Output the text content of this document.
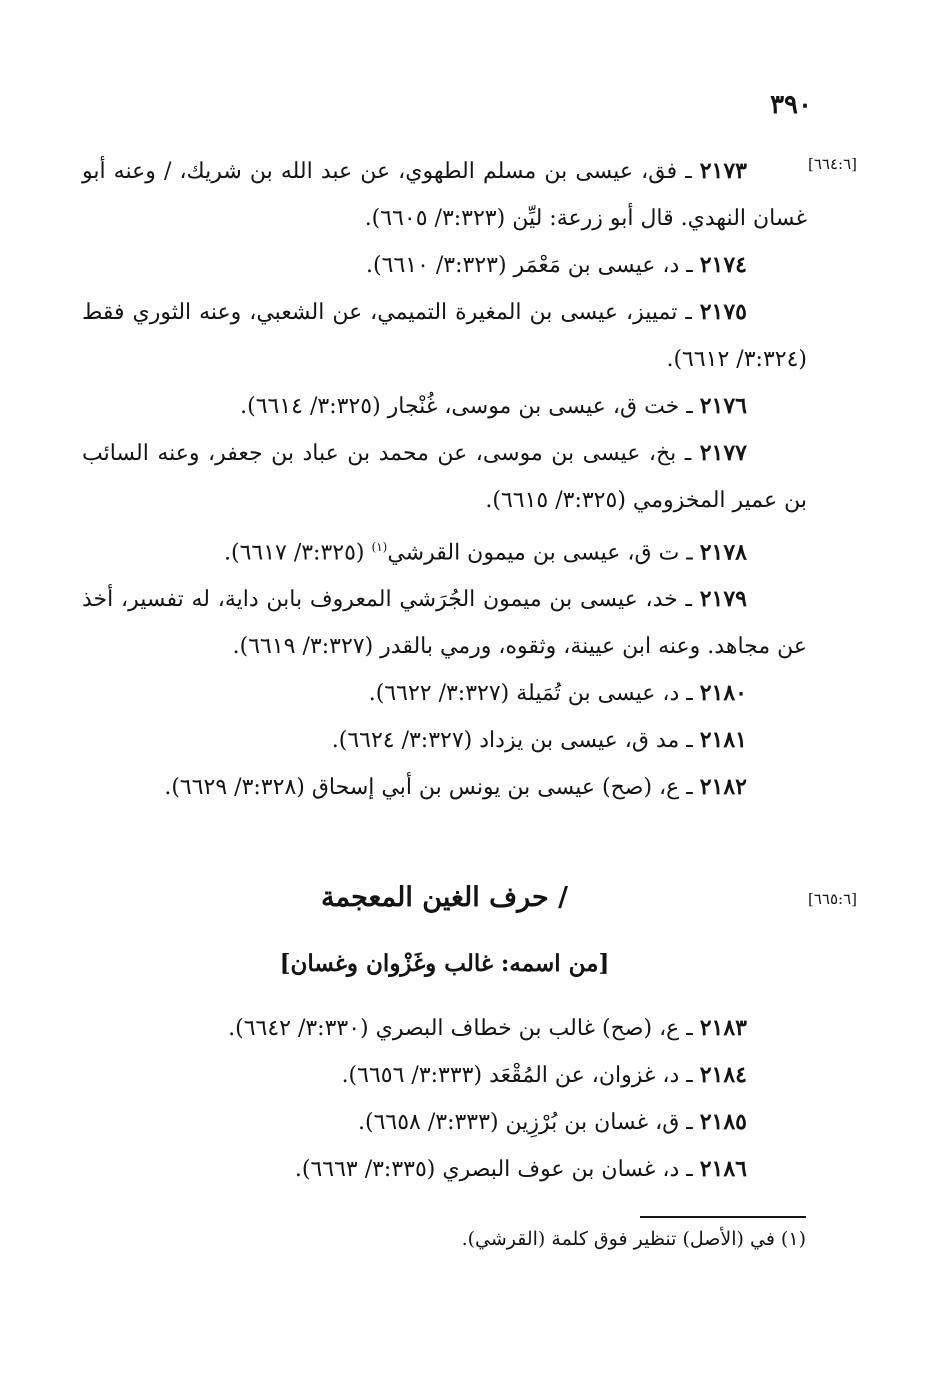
٣٩٠
[٦٦٤:٦]
[٦٦٥:٦]

٢١٧٣ ـ فق، عيسى بن مسلم الطهوي، عن عبد الله بن شريك، / وعنه أبو غسان النهدي. قال أبو زرعة: ليِّن (٣:٣٢٣/ ٦٦٠٥).

٢١٧٤ ـ د، عيسى بن مَعْمَر (٣:٣٢٣/ ٦٦١٠).

٢١٧٥ ـ تمييز، عيسى بن المغيرة التميمي، عن الشعبي، وعنه الثوري فقط (٣:٣٢٤/ ٦٦١٢).

٢١٧٦ ـ خت ق، عيسى بن موسى، غُنْجار (٣:٣٢٥/ ٦٦١٤).

٢١٧٧ ـ بخ، عيسى بن موسى، عن محمد بن عباد بن جعفر، وعنه السائب بن عمير المخزومي (٣:٣٢٥/ ٦٦١٥).

٢١٧٨ ـ ت ق، عيسى بن ميمون القرشي$^{(١)}$ (٣:٣٢٥/ ٦٦١٧).

٢١٧٩ ـ خد، عيسى بن ميمون الجُرَشي المعروف بابن داية، له تفسير، أخذ عن مجاهد. وعنه ابن عيينة، وثقوه، ورمي بالقدر (٣:٣٢٧/ ٦٦١٩).

٢١٨٠ ـ د، عيسى بن تُمَيلة (٣:٣٢٧/ ٦٦٢٢).

٢١٨١ ـ مد ق، عيسى بن يزداد (٣:٣٢٧/ ٦٦٢٤).

٢١٨٢ ـ ع، (صح) عيسى بن يونس بن أبي إسحاق (٣:٣٢٨/ ٦٦٢٩).

/ حرف الغين المعجمة
[من اسمه: غالب وغَزْوان وغسان]

٢١٨٣ ـ ع، (صح) غالب بن خطاف البصري (٣:٣٣٠/ ٦٦٤٢).

٢١٨٤ ـ د، غزوان، عن المُقْعَد (٣:٣٣٣/ ٦٦٥٦).

٢١٨٥ ـ ق، غسان بن بُرْزِين (٣:٣٣٣/ ٦٦٥٨).

٢١٨٦ ـ د، غسان بن عوف البصري (٣:٣٣٥/ ٦٦٦٣).

(١) في (الأصل) تنظير فوق كلمة (القرشي).
